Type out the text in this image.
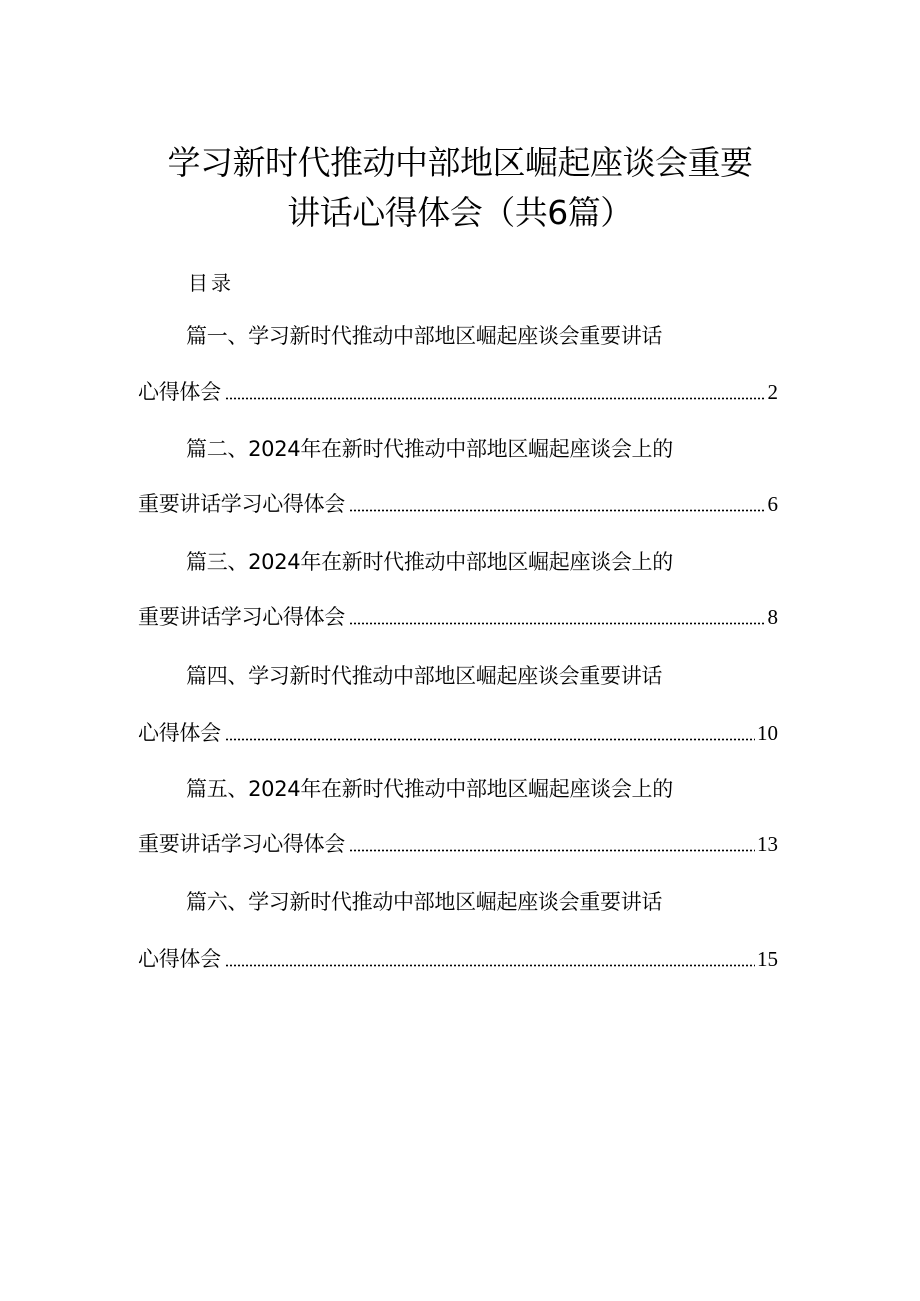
学习新时代推动中部地区崛起座谈会重要
讲话心得体会（共6篇）
目录
篇一、学习新时代推动中部地区崛起座谈会重要讲话
心得体会	2
篇二、2024年在新时代推动中部地区崛起座谈会上的
重要讲话学习心得体会	6
篇三、2024年在新时代推动中部地区崛起座谈会上的
重要讲话学习心得体会	8
篇四、学习新时代推动中部地区崛起座谈会重要讲话
心得体会	10
篇五、2024年在新时代推动中部地区崛起座谈会上的
重要讲话学习心得体会	13
篇六、学习新时代推动中部地区崛起座谈会重要讲话
心得体会	15
